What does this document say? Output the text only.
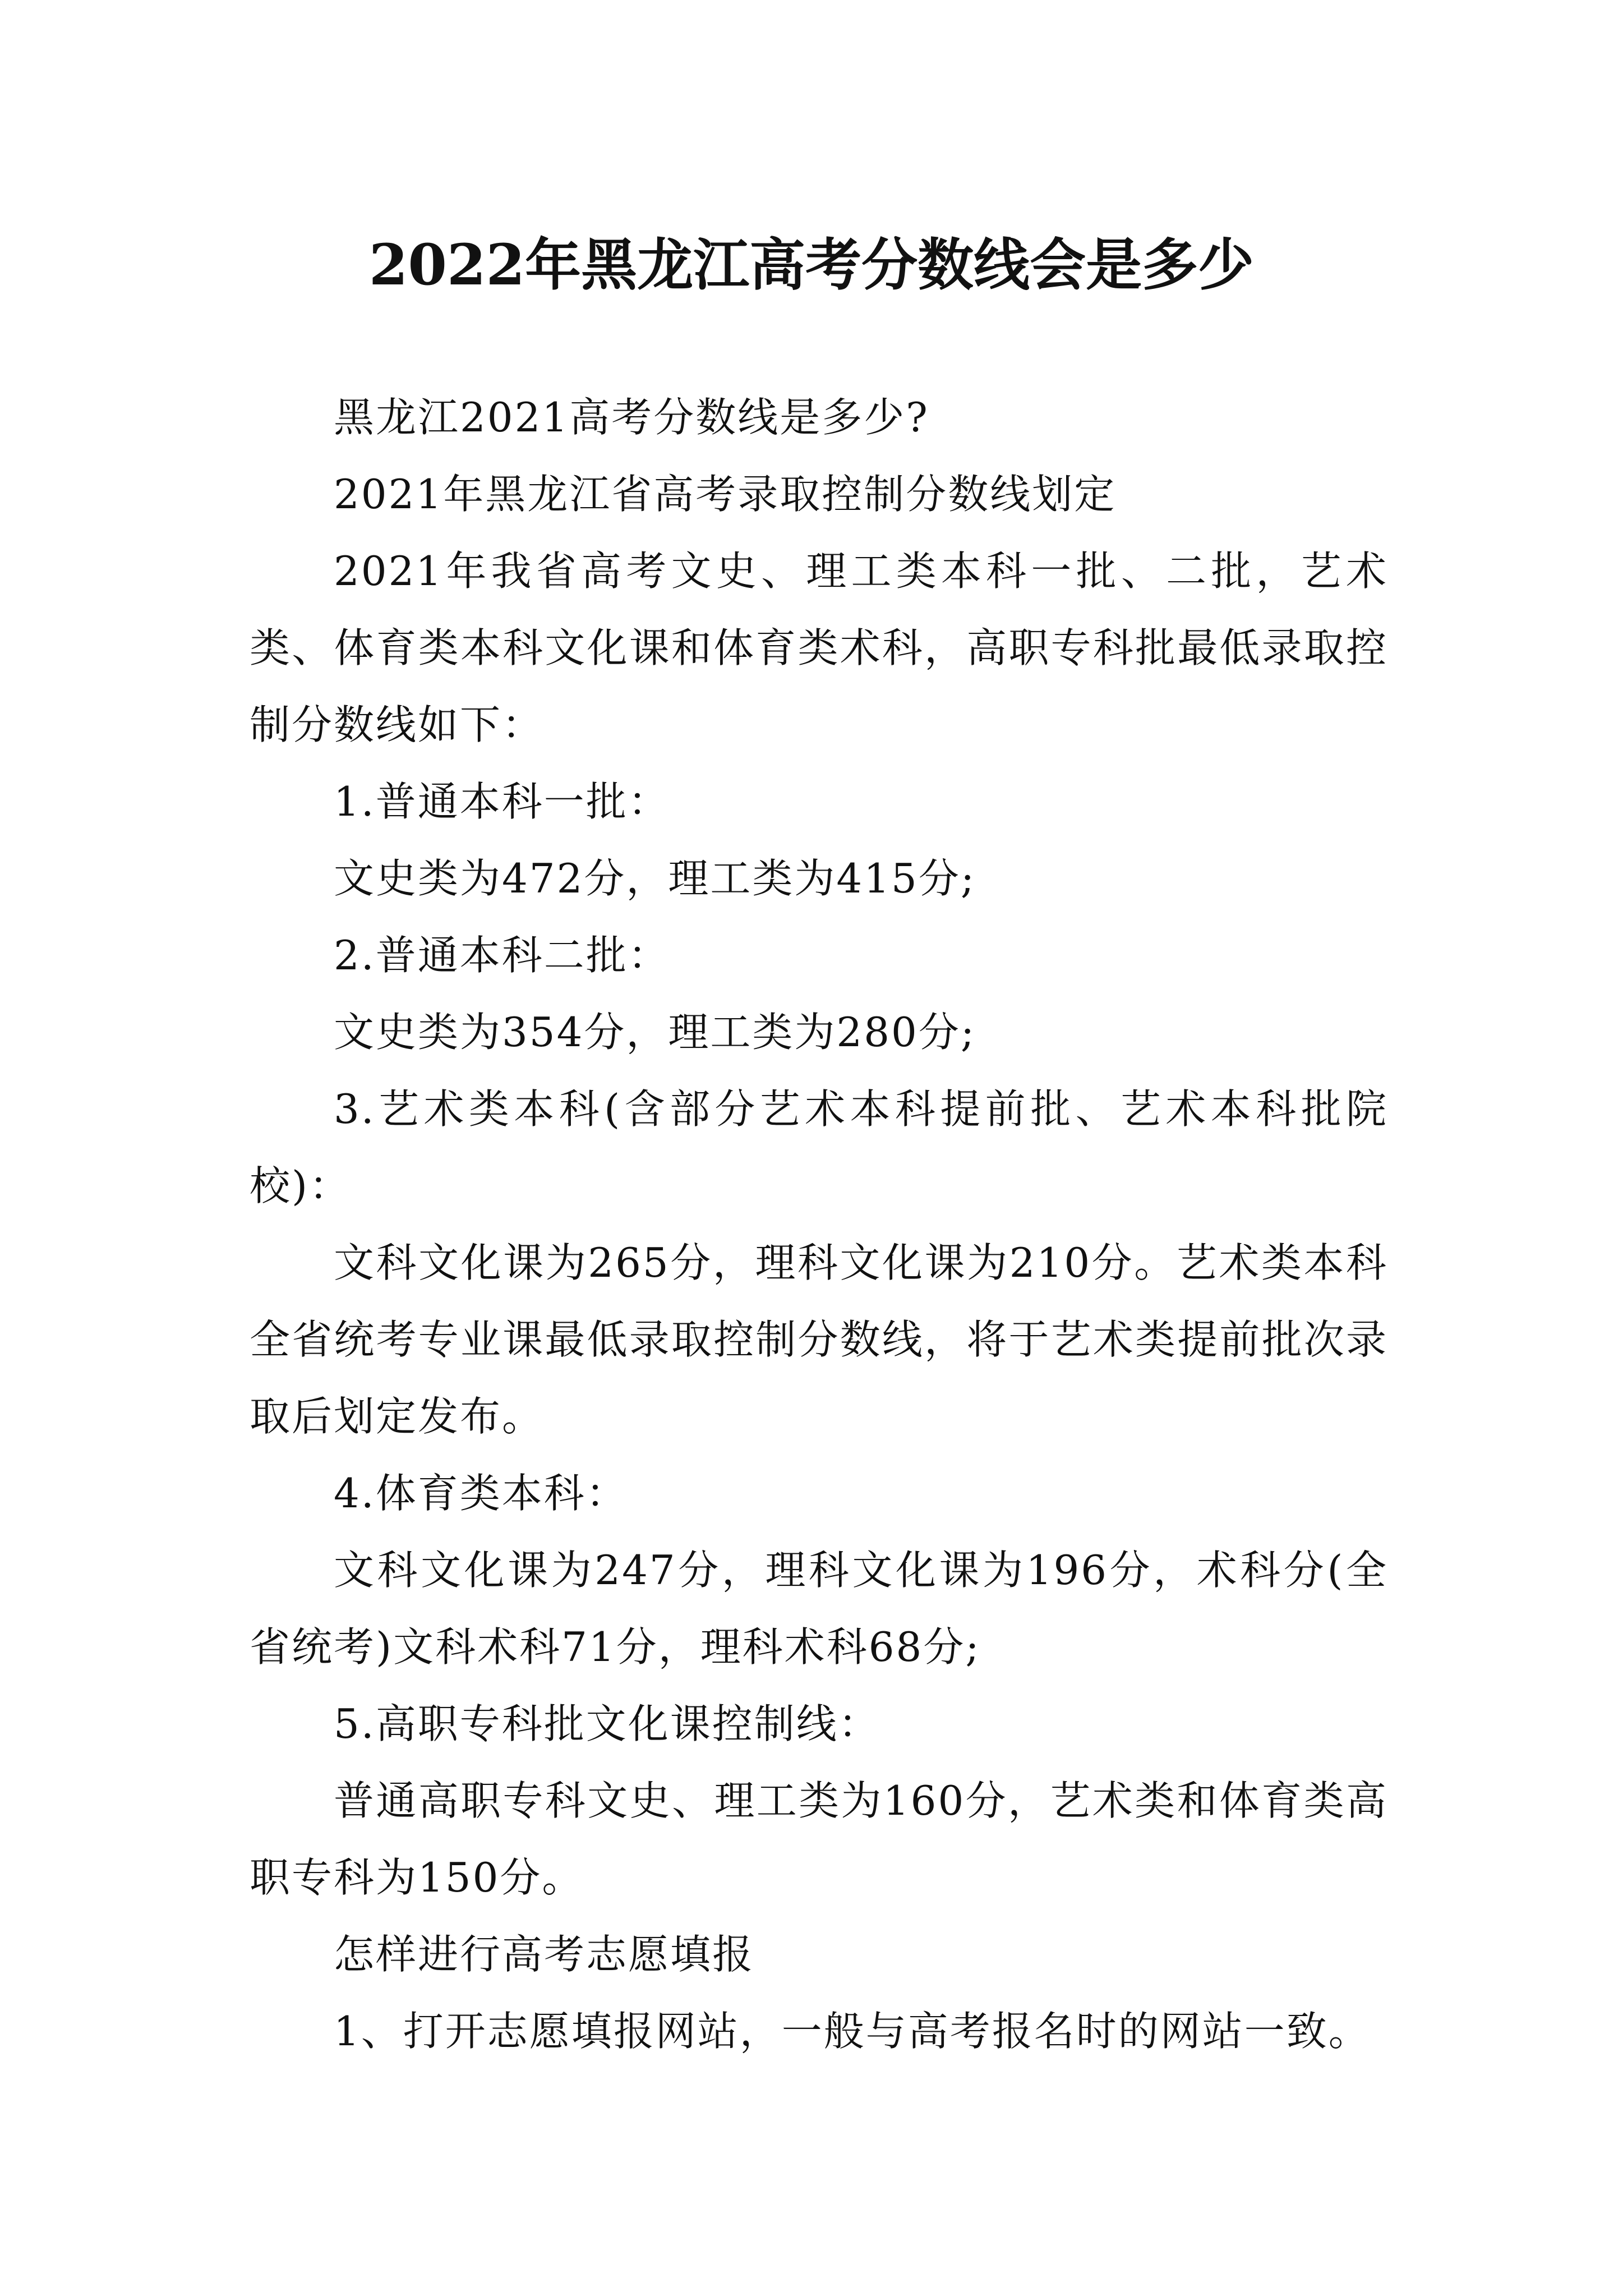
2022年黑龙江高考分数线会是多少

黑龙江2021高考分数线是多少?

2021年黑龙江省高考录取控制分数线划定

2021年我省高考文史、理工类本科一批、二批，艺术类、体育类本科文化课和体育类术科，高职专科批最低录取控制分数线如下：

1.普通本科一批：

文史类为472分，理工类为415分;

2.普通本科二批：

文史类为354分，理工类为280分;

3.艺术类本科(含部分艺术本科提前批、艺术本科批院校)：

文科文化课为265分，理科文化课为210分。艺术类本科全省统考专业课最低录取控制分数线，将于艺术类提前批次录取后划定发布。

4.体育类本科：

文科文化课为247分，理科文化课为196分，术科分(全省统考)文科术科71分，理科术科68分;

5.高职专科批文化课控制线：

普通高职专科文史、理工类为160分，艺术类和体育类高职专科为150分。

怎样进行高考志愿填报

1、打开志愿填报网站，一般与高考报名时的网站一致。
